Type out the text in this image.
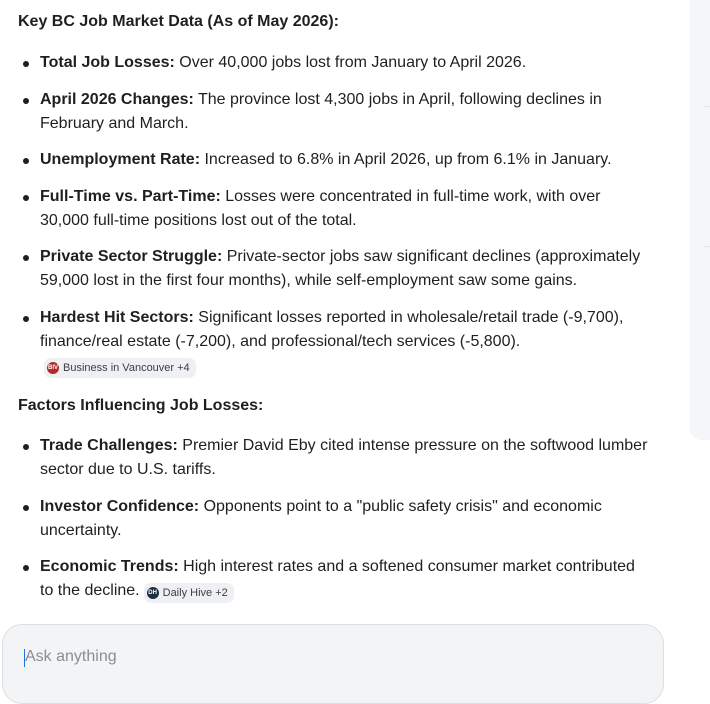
Key BC Job Market Data (As of May 2026):
Total Job Losses: Over 40,000 jobs lost from January to April 2026.
April 2026 Changes: The province lost 4,300 jobs in April, following declines in February and March.
Unemployment Rate: Increased to 6.8% in April 2026, up from 6.1% in January.
Full-Time vs. Part-Time: Losses were concentrated in full-time work, with over 30,000 full-time positions lost out of the total.
Private Sector Struggle: Private-sector jobs saw significant declines (approximately 59,000 lost in the first four months), while self-employment saw some gains.
Hardest Hit Sectors: Significant losses reported in wholesale/retail trade (-9,700), finance/real estate (-7,200), and professional/tech services (-5,800).
BIV Business in Vancouver +4
Factors Influencing Job Losses:
Trade Challenges: Premier David Eby cited intense pressure on the softwood lumber sector due to U.S. tariffs.
Investor Confidence: Opponents point to a "public safety crisis" and economic uncertainty.
Economic Trends: High interest rates and a softened consumer market contributed to the decline. DH Daily Hive +2
Ask anything
